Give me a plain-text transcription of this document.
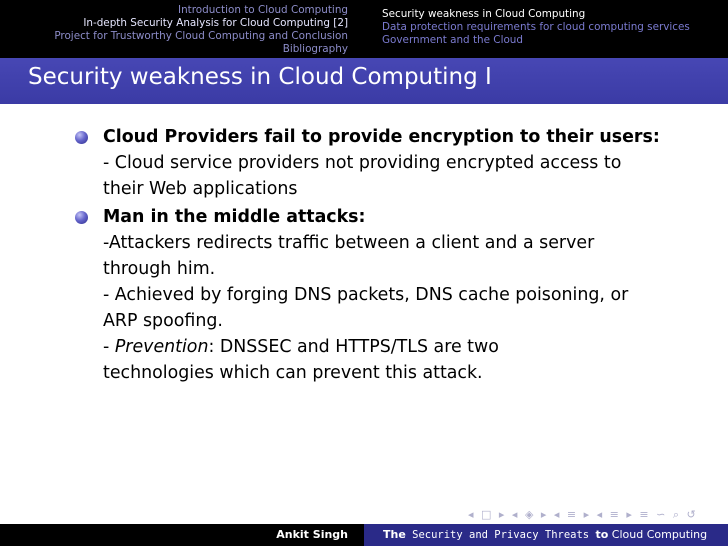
Introduction to Cloud Computing
In-depth Security Analysis for Cloud Computing [2]
Project for Trustworthy Cloud Computing and Conclusion
Bibliography
Security weakness in Cloud Computing
Data protection requirements for cloud computing services
Government and the Cloud
Security weakness in Cloud Computing I
Cloud Providers fail to provide encryption to their users:
- Cloud service providers not providing encrypted access to
their Web applications
Man in the middle attacks:
-Attackers redirects traffic between a client and a server
through him.
- Achieved by forging DNS packets, DNS cache poisoning, or
ARP spoofing.
- Prevention: DNSSEC and HTTPS/TLS are two
technologies which can prevent this attack.
◂ □ ▸ ◂ ◈ ▸ ◂ ≡ ▸ ◂ ≡ ▸ ≡ ∽ ⌕ ↺
Ankit Singh	The Security and Privacy Threats to Cloud Computing
